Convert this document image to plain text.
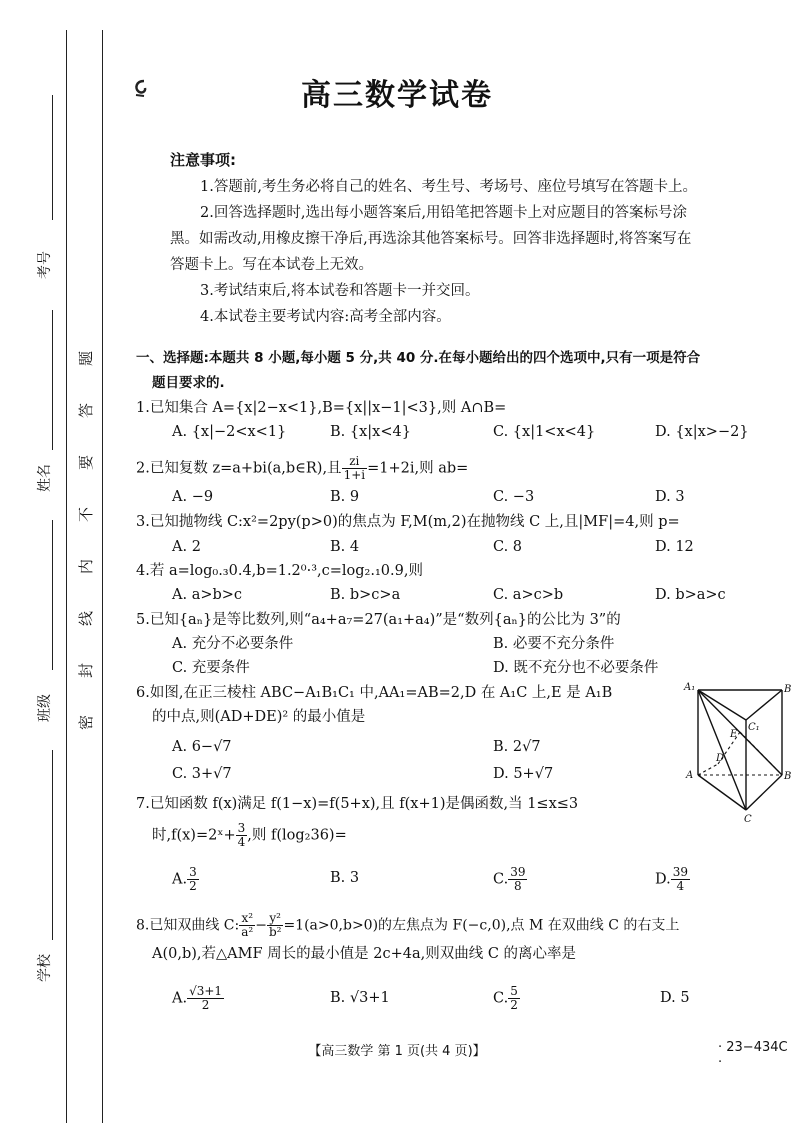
考号
姓名
班级
学校
题
答
要
不
内
线
封
密
高三数学试卷
注意事项:
1.答题前,考生务必将自己的姓名、考生号、考场号、座位号填写在答题卡上。
2.回答选择题时,选出每小题答案后,用铅笔把答题卡上对应题目的答案标号涂
黑。如需改动,用橡皮擦干净后,再选涂其他答案标号。回答非选择题时,将答案写在
答题卡上。写在本试卷上无效。
3.考试结束后,将本试卷和答题卡一并交回。
4.本试卷主要考试内容:高考全部内容。
一、选择题:本题共 8 小题,每小题 5 分,共 40 分.在每小题给出的四个选项中,只有一项是符合
题目要求的.
1.已知集合 A={x|2−x<1},B={x||x−1|<3},则 A∩B=
A. {x|−2<x<1}	B. {x|x<4}	C. {x|1<x<4}	D. {x|x>−2}
2.已知复数 z=a+bi(a,b∈R),且 $\frac{zi}{1+i} =1+2i$,则 ab=
A. −9	B. 9	C. −3	D. 3
3.已知抛物线 C:x²=2py(p>0)的焦点为 F,M(m,2)在抛物线 C 上,且|MF|=4,则 p=
A. 2	B. 4	C. 8	D. 12
4.若 a=log₀.₃0.4,b=1.2⁰·³,c=log₂.₁0.9,则
A. a>b>c	B. b>c>a	C. a>c>b	D. b>a>c
5.已知{aₙ}是等比数列,则“a₄+a₇=27(a₁+a₄)”是“数列{aₙ}的公比为 3”的
A. 充分不必要条件	B. 必要不充分条件
C. 充要条件	D. 既不充分也不必要条件
6.如图,在正三棱柱 ABC−A₁B₁C₁ 中,AA₁=AB=2,D 在 A₁C 上,E 是 A₁B
的中点,则(AD+DE)² 的最小值是
A. 6−√7	B. 2√7
C. 3+√7	D. 5+√7
A₁	B
C₁
E
D
A	B
C
7.已知函数 f(x)满足 f(1−x)=f(5+x),且 f(x+1)是偶函数,当 1≤x≤3
时,f(x)=2ˣ+ $\frac{3}{4}$ ,则 f(log₂36)=
A. $\frac{3}{2}$	B. 3	C. $\frac{39}{8}$	D. $\frac{39}{4}$
8.已知双曲线 C: $\frac{\text{x²}}{\text{a²}} - \frac{\text{y²}}{\text{b²}} =1(a>0,b>0)$的左焦点为 F(−c,0),点 M 在双曲线 C 的右支上
A(0,b),若△AMF 周长的最小值是 2c+4a,则双曲线 C 的离心率是
A. $\frac{√3+1}{2}$	B. √3+1	C. $\frac{5}{2}$	D. 5
【高三数学 第 1 页(共 4 页)】	· 23−434C ·
